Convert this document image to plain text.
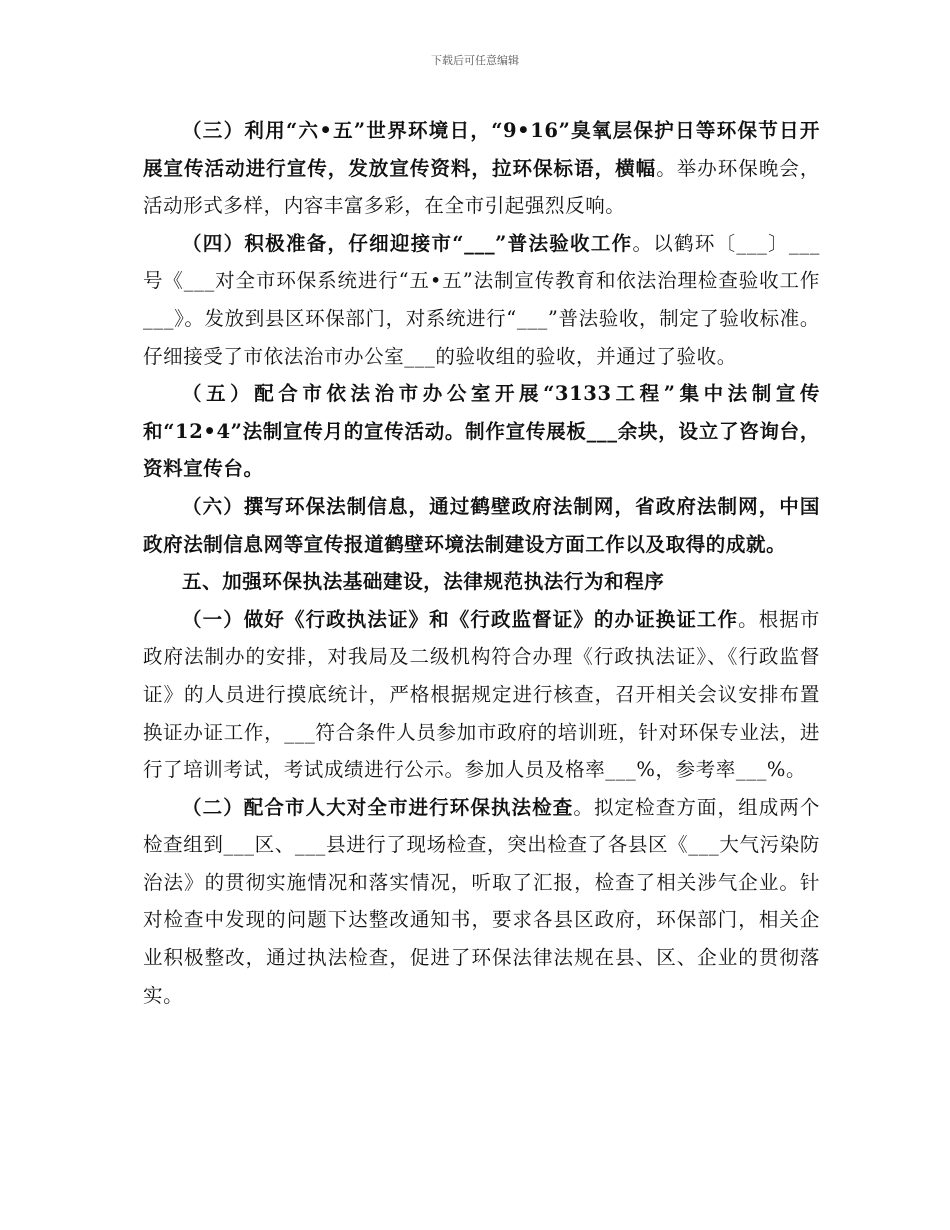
下载后可任意编辑

（三）利用“六•五”世界环境日，“9•16”臭氧层保护日等环保节日开展宣传活动进行宣传，发放宣传资料，拉环保标语，横幅。举办环保晚会，活动形式多样，内容丰富多彩，在全市引起强烈反响。

（四）积极准备，仔细迎接市“___”普法验收工作。以鹤环〔___〕___号《___对全市环保系统进行“五•五”法制宣传教育和依法治理检查验收工作___》。发放到县区环保部门，对系统进行“___”普法验收，制定了验收标准。仔细接受了市依法治市办公室___的验收组的验收，并通过了验收。

（五）配合市依法治市办公室开展“3133工程”集中法制宣传和“12•4”法制宣传月的宣传活动。制作宣传展板___余块，设立了咨询台，资料宣传台。

（六）撰写环保法制信息，通过鹤壁政府法制网，省政府法制网，中国政府法制信息网等宣传报道鹤壁环境法制建设方面工作以及取得的成就。

五、加强环保执法基础建设，法律规范执法行为和程序

（一）做好《行政执法证》和《行政监督证》的办证换证工作。根据市政府法制办的安排，对我局及二级机构符合办理《行政执法证》、《行政监督证》的人员进行摸底统计，严格根据规定进行核查，召开相关会议安排布置换证办证工作，___符合条件人员参加市政府的培训班，针对环保专业法，进行了培训考试，考试成绩进行公示。参加人员及格率___%，参考率___%。

（二）配合市人大对全市进行环保执法检查。拟定检查方面，组成两个检查组到___区、___县进行了现场检查，突出检查了各县区《___大气污染防治法》的贯彻实施情况和落实情况，听取了汇报，检查了相关涉气企业。针对检查中发现的问题下达整改通知书，要求各县区政府，环保部门，相关企业积极整改，通过执法检查，促进了环保法律法规在县、区、企业的贯彻落实。
